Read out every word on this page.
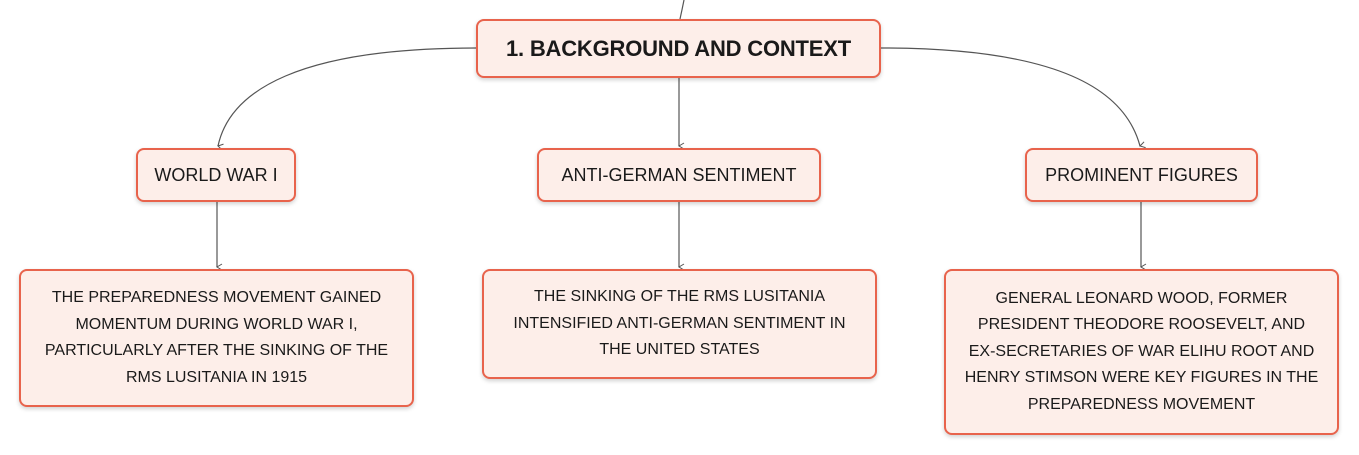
1. BACKGROUND AND CONTEXT
WORLD WAR I	ANTI-GERMAN SENTIMENT	PROMINENT FIGURES
THE PREPAREDNESS MOVEMENT GAINED MOMENTUM DURING WORLD WAR I, PARTICULARLY AFTER THE SINKING OF THE RMS LUSITANIA IN 1915
THE SINKING OF THE RMS LUSITANIA INTENSIFIED ANTI-GERMAN SENTIMENT IN THE UNITED STATES
GENERAL LEONARD WOOD, FORMER PRESIDENT THEODORE ROOSEVELT, AND EX-SECRETARIES OF WAR ELIHU ROOT AND HENRY STIMSON WERE KEY FIGURES IN THE PREPAREDNESS MOVEMENT
